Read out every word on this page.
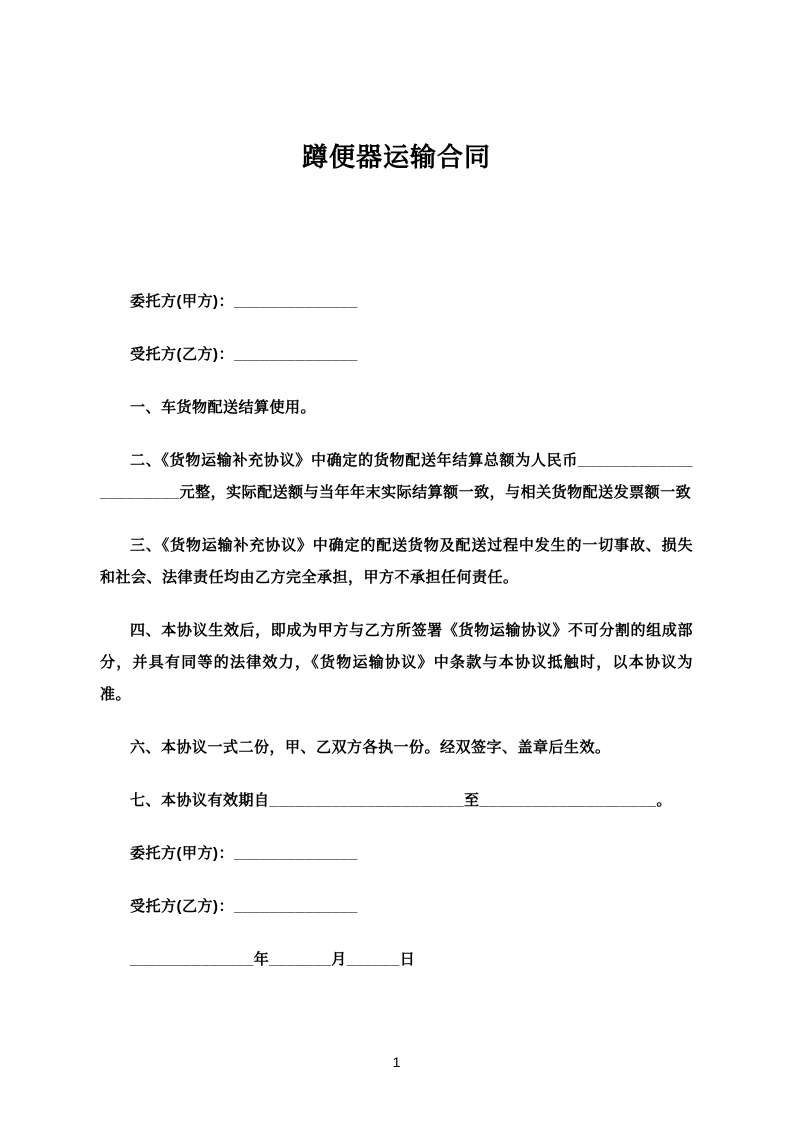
蹲便器运输合同

委托方(甲方)：______________

受托方(乙方)：______________

一、车货物配送结算使用。

二、《货物运输补充协议》中确定的货物配送年结算总额为人民币______________________元整，实际配送额与当年年末实际结算额一致，与相关货物配送发票额一致

三、《货物运输补充协议》中确定的配送货物及配送过程中发生的一切事故、损失和社会、法律责任均由乙方完全承担，甲方不承担任何责任。

四、本协议生效后，即成为甲方与乙方所签署《货物运输协议》不可分割的组成部分，并具有同等的法律效力，《货物运输协议》中条款与本协议抵触时，以本协议为准。

六、本协议一式二份，甲、乙双方各执一份。经双签字、盖章后生效。

七、本协议有效期自______________________至____________________。

委托方(甲方)：______________

受托方(乙方)：______________

______________年_______月______日

1
